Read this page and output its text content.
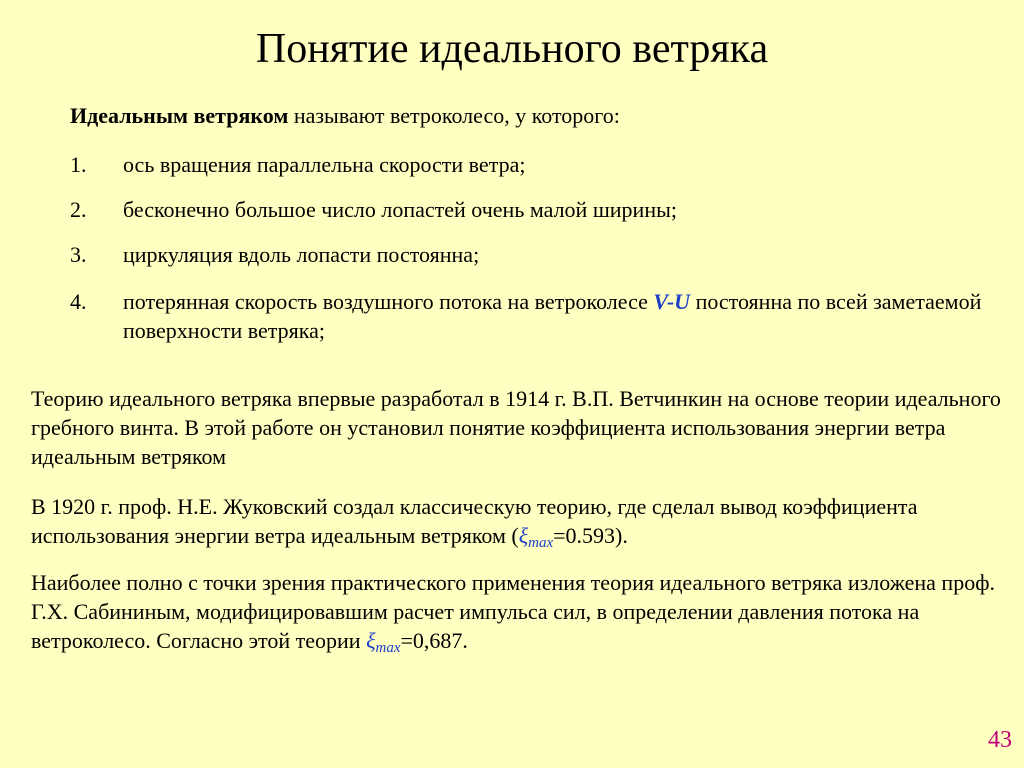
Понятие идеального ветряка
Идеальным ветряком называют ветроколесо, у которого:
1. ось вращения параллельна скорости ветра;
2. бесконечно большое число лопастей очень малой ширины;
3. циркуляция вдоль лопасти постоянна;
4. потерянная скорость воздушного потока на ветроколесе V-U постоянна по всей заметаемой поверхности ветряка;
Теорию идеального ветряка впервые разработал в 1914 г. В.П. Ветчинкин на основе теории идеального гребного винта. В этой работе он установил понятие коэффициента использования энергии ветра идеальным ветряком
В 1920 г. проф. Н.Е. Жуковский создал классическую теорию, где сделал вывод коэффициента использования энергии ветра идеальным ветряком $(\xi_{max}=0.593)$.
Наиболее полно с точки зрения практического применения теория идеального ветряка изложена проф. Г.Х. Сабининым, модифицировавшим расчет импульса сил, в определении давления потока на ветроколесо. Согласно этой теории $\xi_{max}=0,687$.
43
